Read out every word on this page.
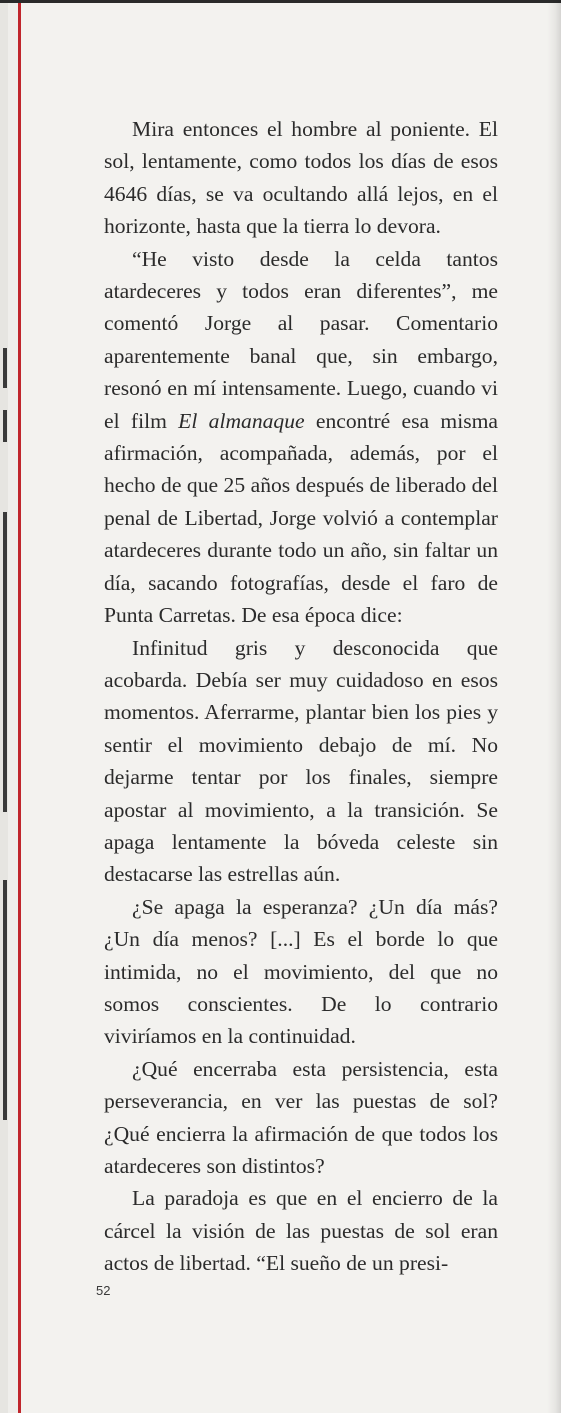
Mira entonces el hombre al poniente. El sol, lentamente, como todos los días de esos 4646 días, se va ocultando allá lejos, en el horizonte, hasta que la tierra lo devora.

“He visto desde la celda tantos atardeceres y todos eran diferentes”, me comentó Jorge al pasar. Comentario aparentemente banal que, sin embargo, resonó en mí intensamente. Luego, cuando vi el film El almanaque encontré esa misma afirmación, acompañada, además, por el hecho de que 25 años después de liberado del penal de Libertad, Jorge volvió a contemplar atardeceres durante todo un año, sin faltar un día, sacando fotografías, desde el faro de Punta Carretas. De esa época dice:

Infinitud gris y desconocida que acobarda. Debía ser muy cuidadoso en esos momentos. Aferrarme, plantar bien los pies y sentir el movimiento debajo de mí. No dejarme tentar por los finales, siempre apostar al movimiento, a la transición. Se apaga lentamente la bóveda celeste sin destacarse las estrellas aún.

¿Se apaga la esperanza? ¿Un día más? ¿Un día menos? [...] Es el borde lo que intimida, no el movimiento, del que no somos conscientes. De lo contrario viviríamos en la continuidad.

¿Qué encerraba esta persistencia, esta perseverancia, en ver las puestas de sol? ¿Qué encierra la afirmación de que todos los atardeceres son distintos?

La paradoja es que en el encierro de la cárcel la visión de las puestas de sol eran actos de libertad. “El sueño de un presi-

52
